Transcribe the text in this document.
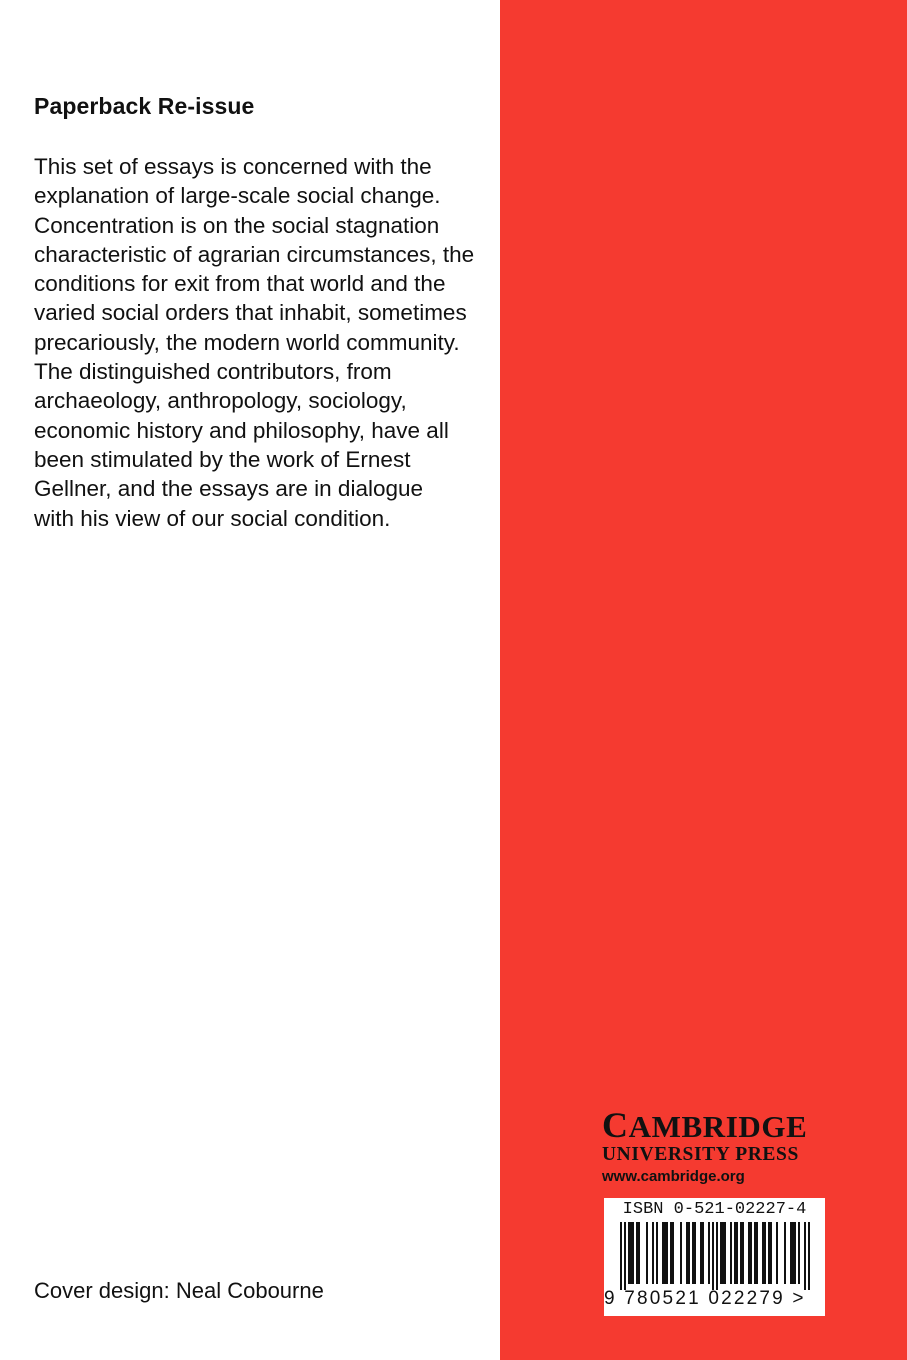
Paperback Re-issue
This set of essays is concerned with the
explanation of large-scale social change.
Concentration is on the social stagnation
characteristic of agrarian circumstances, the
conditions for exit from that world and the
varied social orders that inhabit, sometimes
precariously, the modern world community.
The distinguished contributors, from
archaeology, anthropology, sociology,
economic history and philosophy, have all
been stimulated by the work of Ernest
Gellner, and the essays are in dialogue
with his view of our social condition.
Cover design: Neal Cobourne
CAMBRIDGE
UNIVERSITY PRESS
www.cambridge.org
ISBN 0-521-02227-4
9 780521 022279 >
